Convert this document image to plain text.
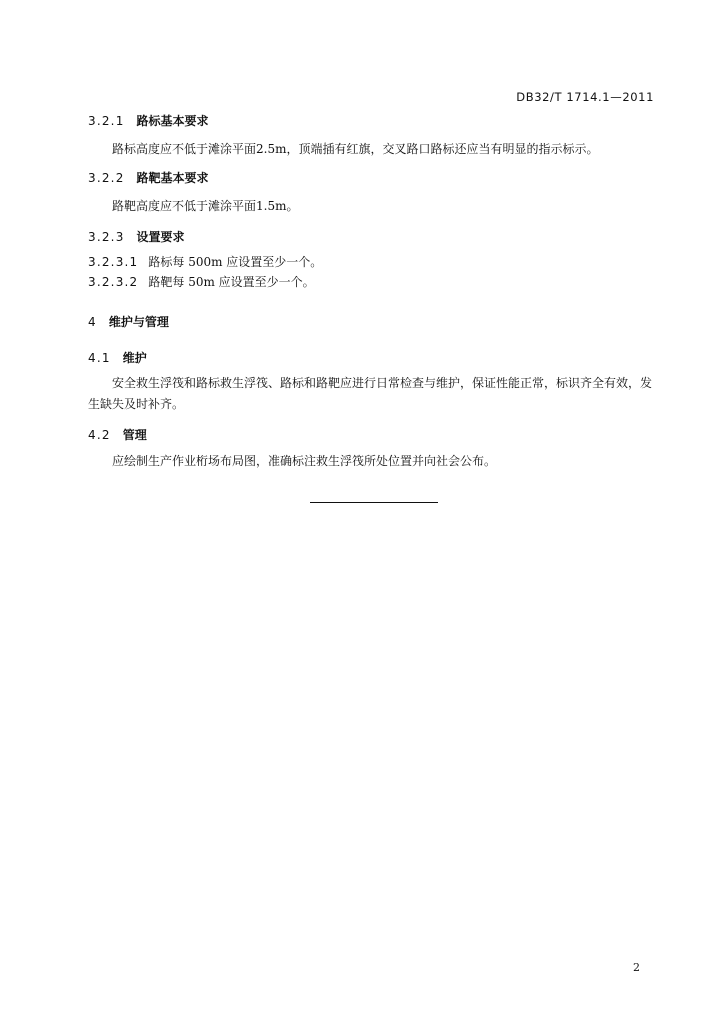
DB32/T 1714.1—2011
3.2.1 路标基本要求
路标高度应不低于滩涂平面2.5m，顶端插有红旗，交叉路口路标还应当有明显的指示标示。
3.2.2 路靶基本要求
路靶高度应不低于滩涂平面1.5m。
3.2.3 设置要求
3.2.3.1 路标每 500m 应设置至少一个。
3.2.3.2 路靶每 50m 应设置至少一个。
4 维护与管理
4.1 维护
安全救生浮筏和路标救生浮筏、路标和路靶应进行日常检查与维护，保证性能正常，标识齐全有效，发生缺失及时补齐。
4.2 管理
应绘制生产作业桁场布局图，准确标注救生浮筏所处位置并向社会公布。
2
